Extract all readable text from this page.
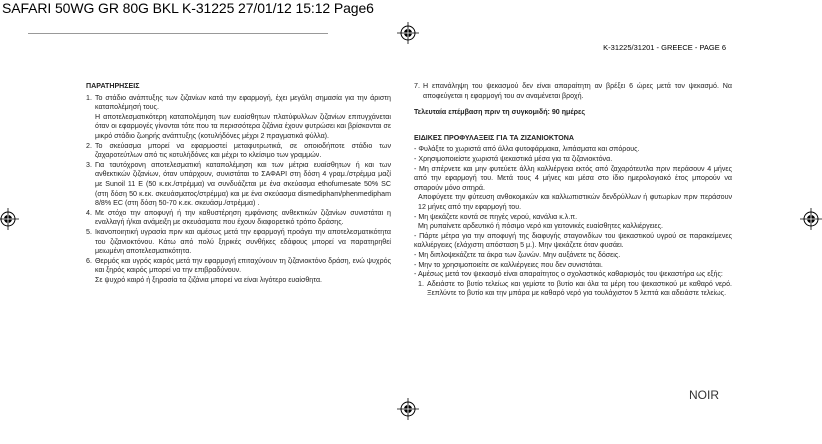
SAFARI 50WG GR 80G BKL K-31225 27/01/12 15:12 Page6
K-31225/31201 - GREECE - PAGE 6
ΠΑΡΑΤΗΡΗΣΕΙΣ
1. Το στάδιο ανάπτυξης των ζιζανίων κατά την εφαρμογή, έχει μεγάλη σημασία για την άριστη καταπολέμησή τους.

Η αποτελεσματικότερη καταπολέμηση των ευαίσθητων πλατύφυλλων ζιζανίων επιτυγχάνεται όταν οι εφαρμογές γίνονται τότε που τα περισσότερα ζιζάνια έχουν φυτρώσει και βρίσκονται σε μικρό στάδιο ζωηρής ανάπτυξης (κοτυλήδόνες μέχρι 2 πραγματικά φύλλα).

2. Το σκεύασμα μπορεί να εφαρμοστεί μεταφυτρωτικά, σε οποιοδήποτε στάδιο των ζαχαροτεύτλων από τις κοτυλήδόνες και μέχρι το κλείσιμο των γραμμών.

3. Για ταυτόχρονη αποτελεσματική καταπολέμηση και των μέτρια ευαίσθητων ή και των ανθεκτικών ζιζανίων, όταν υπάρχουν, συνιστάται το ΣΑΦΑΡΙ στη δόση 4 γραμ./στρέμμα μαζί με Sunoil 11 E (50 κ.εκ./στρέμμα) να συνδυάζεται με ένα σκεύασμα ethofumesate 50% SC (στη δόση 50 κ.εκ. σκευάσματος/στρέμμα) και με ένα σκεύασμα dismedipham/phenmedipham 8/8% EC (στη δόση 50-70 κ.εκ. σκευάσμ./στρέμμα) .

4. Με στόχο την αποφυγή ή την καθυστέρηση εμφάνισης ανθεκτικών ζιζανίων συνιστάται η εναλλαγή ή/και ανάμειξη με σκευάσματα που έχουν διαφορετικό τρόπο δράσης.

5. Ικανοποιητική υγρασία πριν και αμέσως μετά την εφαρμογή προάγει την αποτελεσματικότητα του ζιζανιοκτόνου. Κάτω από πολύ ξηρικές συνθήκες εδάφους μπορεί να παρατηρηθεί μειωμένη αποτελεσματικότητα.

6. Θερμός και υγρός καιρός μετά την εφαρμογή επιταχύνουν τη ζιζανιοκτόνο δράση, ενώ ψυχρός και ξηρός καιρός μπορεί να την επιβραδύνουν.

Σε ψυχρό καιρό ή ξηρασία τα ζιζάνια μπορεί να είναι λιγότερο ευαίσθητα.

7. Η επανάληψη του ψεκασμού δεν είναι απαραίτητη αν βρέξει 6 ώρες μετά τον ψεκασμό. Να αποφεύγεται η εφαρμογή του αν αναμένεται βροχή.

Τελευταία επέμβαση πριν τη συγκομιδή: 90 ημέρες
ΕΙΔΙΚΕΣ ΠΡΟΦΥΛΑΞΕΙΣ ΓΙΑ ΤΑ ΖΙΖΑΝΙΟΚΤΟΝΑ
- Φυλάξτε το χωριστά από άλλα φυτοφάρμακα, λιπάσματα και σπόρους.
- Χρησιμοποιείστε χωριστά ψεκαστικά μέσα για τα ζιζανιοκτόνα.
- Μη σπέρνετε και μην φυτεύετε άλλη καλλιέργεια εκτός από ζαχαρότευτλα πριν περάσουν 4 μήνες από την εφαρμογή του. Μετά τους 4 μήνες και μέσα στο ίδιο ημερολογιακό έτος μπορούν να σπαρούν μόνο σιτηρά.
Αποφύγετε την φύτευση ανθοκομικών και καλλωπιστικών δενδρύλλων ή φυτωρίων πριν περάσουν 12 μήνες από την εφαρμογή του.
- Μη ψεκάζετε κοντά σε πηγές νερού, κανάλια κ.λ.π.
Μη ρυπαίνετε αρδευτικό ή πόσιμο νερό και γειτονικές ευαίσθητες καλλιέργειες.
- Πάρτε μέτρα για την αποφυγή της διαφυγής σταγονιδίων του ψεκαστικού υγρού σε παρακείμενες καλλιέργειες (ελάχιστη απόσταση 5 μ.). Μην ψεκάζετε όταν φυσάει.
- Μη διπλοψεκάζετε τα άκρα των ζωνών. Μην αυξάνετε τις δόσεις.
- Μην το χρησιμοποιείτε σε καλλιέργειες που δεν συνιστάται.
- Αμέσως μετά τον ψεκασμό είναι απαραίτητος ο σχολαστικός καθαρισμός του ψεκαστήρα ως εξής:
1. Αδειάστε το βυτίο τελείως και γεμίστε το βυτίο και όλα τα μέρη του ψεκαστικού με καθαρό νερό. Ξεπλύντε το βυτίο και την μπάρα με καθαρό νερό για τουλάχιστον 5 λεπτά και αδειάστε τελείως.
NOIR
